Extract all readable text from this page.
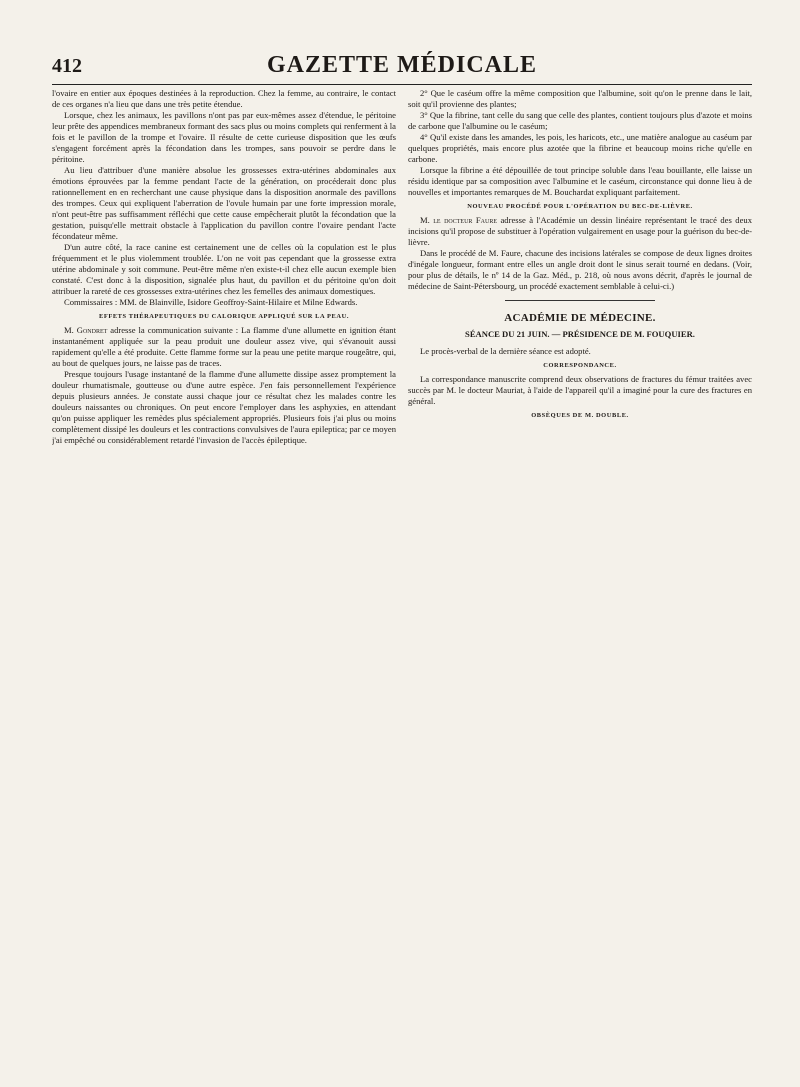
412	GAZETTE MÉDICALE

l'ovaire en entier aux époques destinées à la reproduction. Chez la femme, au contraire, le contact de ces organes n'a lieu que dans une très petite étendue.

Lorsque, chez les animaux, les pavillons n'ont pas par eux-mêmes assez d'étendue, le péritoine leur prête des appendices membraneux formant des sacs plus ou moins complets qui renferment à la fois et le pavillon de la trompe et l'ovaire. Il résulte de cette curieuse disposition que les œufs s'engagent forcément après la fécondation dans les trompes, sans pouvoir se perdre dans le péritoine.

Au lieu d'attribuer d'une manière absolue les grossesses extra-utérines abdominales aux émotions éprouvées par la femme pendant l'acte de la génération, on procéderait donc plus rationnellement en en recherchant une cause physique dans la disposition anormale des pavillons des trompes. Ceux qui expliquent l'aberration de l'ovule humain par une forte impression morale, n'ont peut-être pas suffisamment réfléchi que cette cause empêcherait plutôt la fécondation que la gestation, puisqu'elle mettrait obstacle à l'application du pavillon contre l'ovaire pendant l'acte fécondateur même.

D'un autre côté, la race canine est certainement une de celles où la copulation est le plus fréquemment et le plus violemment troublée. L'on ne voit pas cependant que la grossesse extra utérine abdominale y soit commune. Peut-être même n'en existe-t-il chez elle aucun exemple bien constaté. C'est donc à la disposition, signalée plus haut, du pavillon et du péritoine qu'on doit attribuer la rareté de ces grossesses extra-utérines chez les femelles des animaux domestiques.

Commissaires : MM. de Blainville, Isidore Geoffroy-Saint-Hilaire et Milne Edwards.

EFFETS THÉRAPEUTIQUES DU CALORIQUE APPLIQUÉ SUR LA PEAU.

M. Gondret adresse la communication suivante : La flamme d'une allumette en ignition étant instantanément appliquée sur la peau produit une douleur assez vive, qui s'évanouit aussi rapidement qu'elle a été produite. Cette flamme forme sur la peau une petite marque rougeâtre, qui, au bout de quelques jours, ne laisse pas de traces.

Presque toujours l'usage instantané de la flamme d'une allumette dissipe assez promptement la douleur rhumatismale, goutteuse ou d'une autre espèce. J'en fais personnellement l'expérience depuis plusieurs années. Je constate aussi chaque jour ce résultat chez les malades contre les douleurs naissantes ou chroniques. On peut encore l'employer dans les asphyxies, en attendant qu'on puisse appliquer les remèdes plus spécialement appropriés. Plusieurs fois j'ai plus ou moins complètement dissipé les douleurs et les contractions convulsives de l'aura epileptica; par ce moyen j'ai empêché ou considérablement retardé l'invasion de l'accès épileptique.

2° Que le caséum offre la même composition que l'albumine, soit qu'on le prenne dans le lait, soit qu'il provienne des plantes;

3° Que la fibrine, tant celle du sang que celle des plantes, contient toujours plus d'azote et moins de carbone que l'albumine ou le caséum;

4° Qu'il existe dans les amandes, les pois, les haricots, etc., une matière analogue au caséum par quelques propriétés, mais encore plus azotée que la fibrine et beaucoup moins riche qu'elle en carbone.

Lorsque la fibrine a été dépouillée de tout principe soluble dans l'eau bouillante, elle laisse un résidu identique par sa composition avec l'albumine et le caséum, circonstance qui donne lieu à de nouvelles et importantes remarques de M. Bouchardat expliquant parfaitement.

NOUVEAU PROCÉDÉ POUR L'OPÉRATION DU BEC-DE-LIÈVRE.

M. le docteur Faure adresse à l'Académie un dessin linéaire représentant le tracé des deux incisions qu'il propose de substituer à l'opération vulgairement en usage pour la guérison du bec-de-lièvre.

Dans le procédé de M. Faure, chacune des incisions latérales se compose de deux lignes droites d'inégale longueur, formant entre elles un angle droit dont le sinus serait tourné en dedans. (Voir, pour plus de détails, le nº 14 de la Gaz. Méd., p. 218, où nous avons décrit, d'après le journal de médecine de Saint-Pétersbourg, un procédé exactement semblable à celui-ci.)

ACADÉMIE DE MÉDECINE.
SÉANCE DU 21 JUIN. — PRÉSIDENCE DE M. FOUQUIER.

Le procès-verbal de la dernière séance est adopté.

CORRESPONDANCE.

La correspondance manuscrite comprend deux observations de fractures du fémur traitées avec succès par M. le docteur Mauriat, à l'aide de l'appareil qu'il a imaginé pour la cure des fractures en général.

OBSÈQUES DE M. DOUBLE.
